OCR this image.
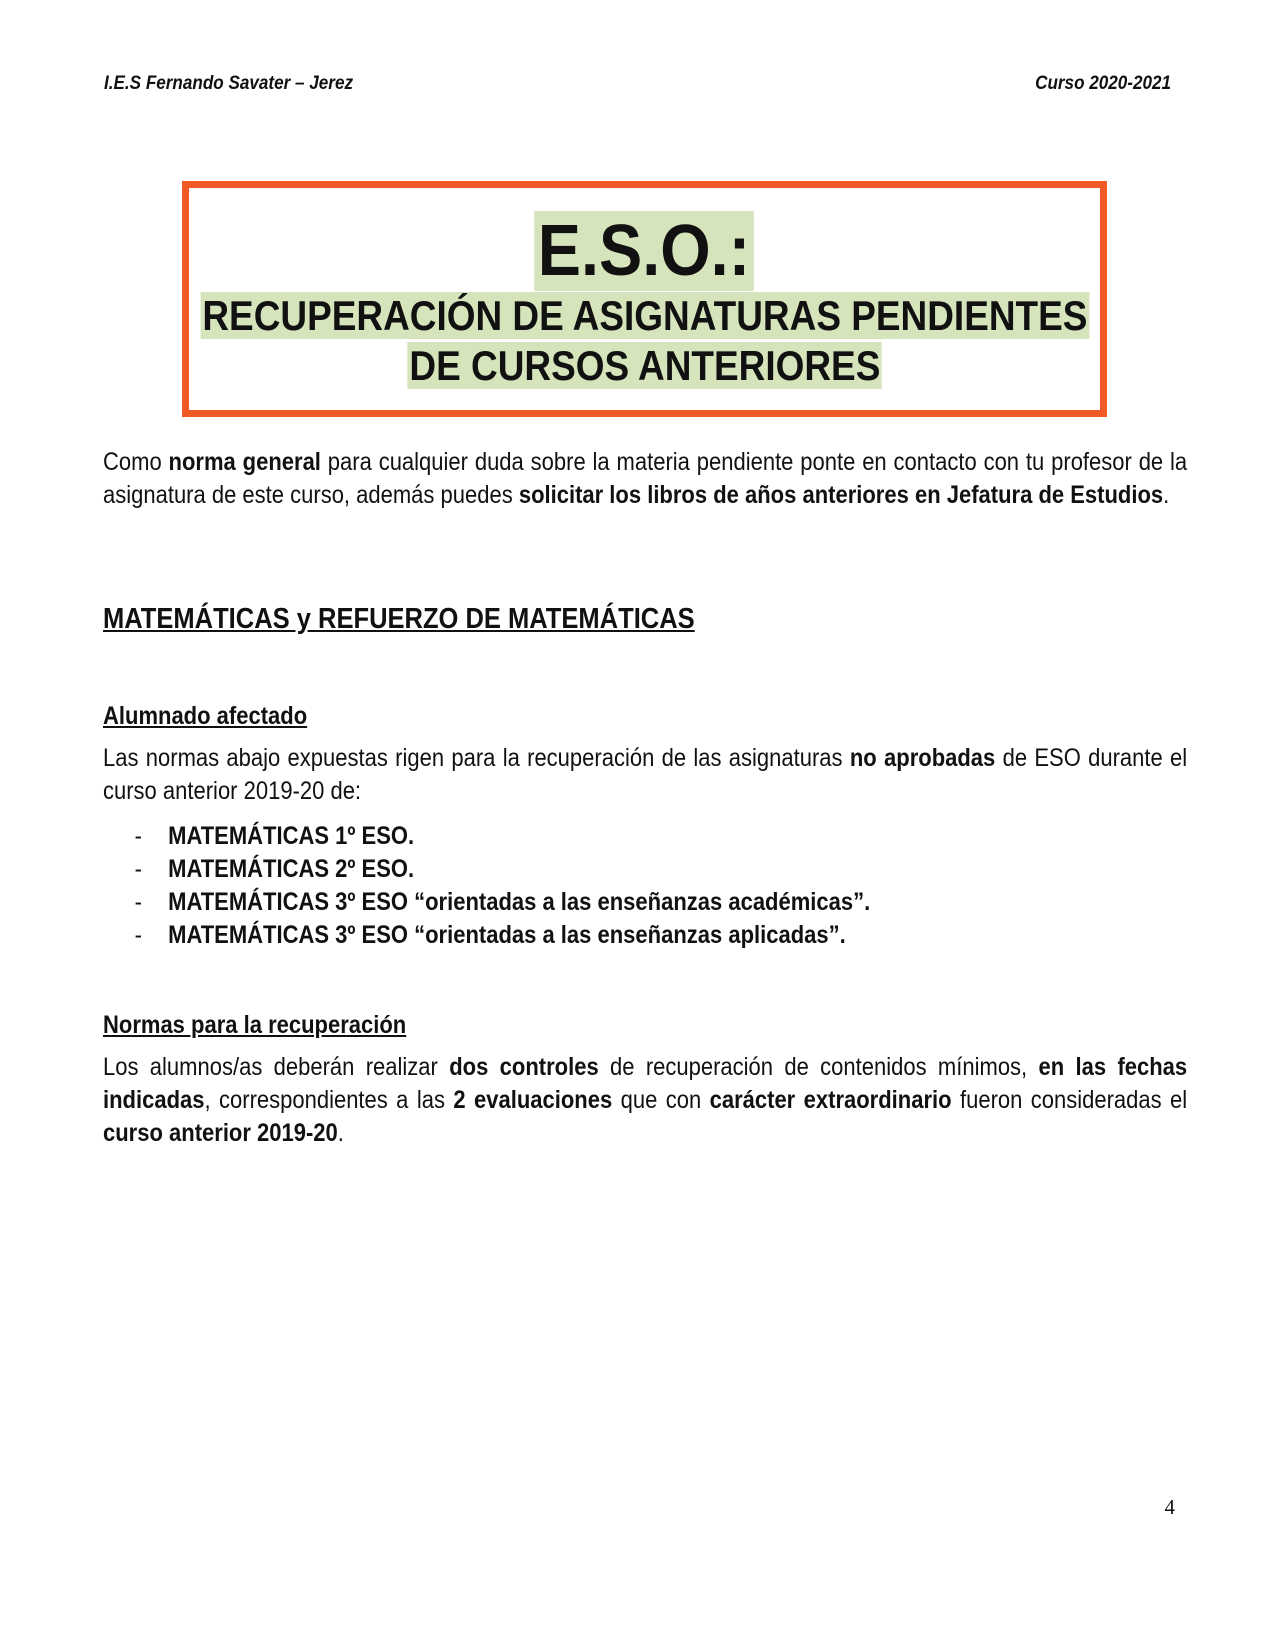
I.E.S Fernando Savater – Jerez	Curso 2020-2021
E.S.O.:
RECUPERACIÓN DE ASIGNATURAS PENDIENTES
DE CURSOS ANTERIORES

Como norma general para cualquier duda sobre la materia pendiente ponte en contacto con tu profesor de la asignatura de este curso, además puedes solicitar los libros de años anteriores en Jefatura de Estudios.

MATEMÁTICAS y REFUERZO DE MATEMÁTICAS

Alumnado afectado

Las normas abajo expuestas rigen para la recuperación de las asignaturas no aprobadas de ESO durante el curso anterior 2019-20 de:

- MATEMÁTICAS 1º ESO.
- MATEMÁTICAS 2º ESO.
- MATEMÁTICAS 3º ESO “orientadas a las enseñanzas académicas”.
- MATEMÁTICAS 3º ESO “orientadas a las enseñanzas aplicadas”.

Normas para la recuperación

Los alumnos/as deberán realizar dos controles de recuperación de contenidos mínimos, en las fechas indicadas, correspondientes a las 2 evaluaciones que con carácter extraordinario fueron consideradas el curso anterior 2019-20.

4
